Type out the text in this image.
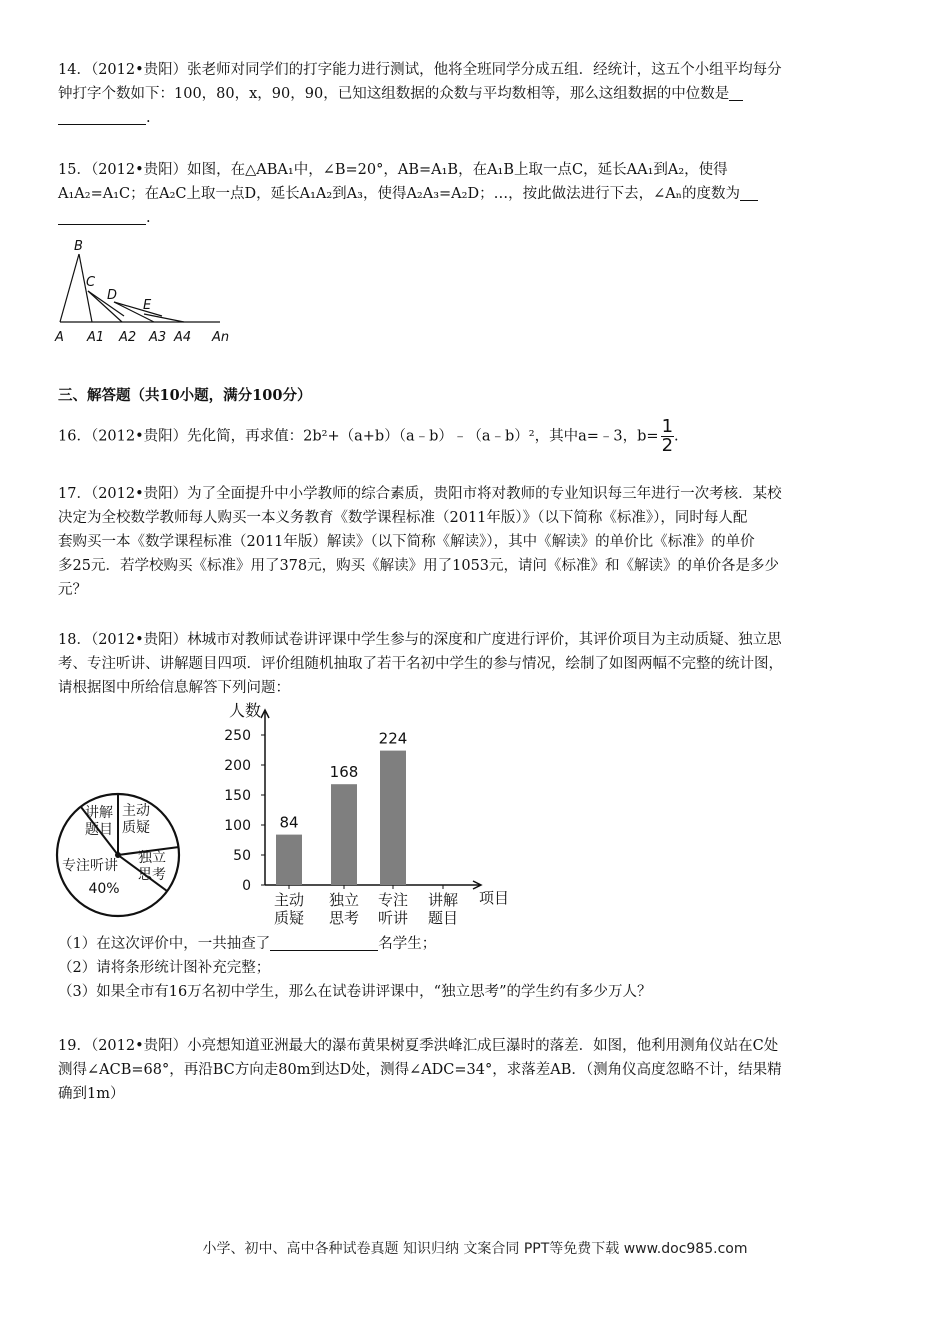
14．（2012•贵阳）张老师对同学们的打字能力进行测试，他将全班同学分成五组．经统计，这五个小组平均每分
钟打字个数如下：100，80，x，90，90，已知这组数据的众数与平均数相等，那么这组数据的中位数是
.
15．（2012•贵阳）如图，在△ABA₁中，∠B=20°，AB=A₁B，在A₁B上取一点C，延长AA₁到A₂，使得
A₁A₂=A₁C；在A₂C上取一点D，延长A₁A₂到A₃，使得A₂A₃=A₂D；…，按此做法进行下去，∠Aₙ的度数为
.
B
C
D
E
A A1 A2 A3 A4 An
三、解答题（共10小题，满分100分）
16．（2012•贵阳）先化简，再求值：2b²+（a+b）（a﹣b）﹣（a﹣b）²，其中a=﹣3，$b= \frac{1}{2}$ .
17．（2012•贵阳）为了全面提升中小学教师的综合素质，贵阳市将对教师的专业知识每三年进行一次考核．某校
决定为全校数学教师每人购买一本义务教育《数学课程标准（2011年版）》（以下简称《标准》），同时每人配
套购买一本《数学课程标准（2011年版）解读》（以下简称《解读》），其中《解读》的单价比《标准》的单价
多25元．若学校购买《标准》用了378元，购买《解读》用了1053元，请问《标准》和《解读》的单价各是多少
元？
18．（2012•贵阳）林城市对教师试卷讲评课中学生参与的深度和广度进行评价，其评价项目为主动质疑、独立思
考、专注听讲、讲解题目四项．评价组随机抽取了若干名初中学生的参与情况，绘制了如图两幅不完整的统计图，
请根据图中所给信息解答下列问题：
讲解
题目
主动
质疑
独立
思考
专注听讲
40%
人数
项目
0
50
100
150
200
250
84
主动
质疑
168
独立
思考
224
专注
听讲
讲解
题目
（1）在这次评价中，一共抽查了	名学生；
（2）请将条形统计图补充完整；
（3）如果全市有16万名初中学生，那么在试卷讲评课中，“独立思考”的学生约有多少万人？
19．（2012•贵阳）小亮想知道亚洲最大的瀑布黄果树夏季洪峰汇成巨瀑时的落差．如图，他利用测角仪站在C处
测得∠ACB=68°，再沿BC方向走80m到达D处，测得∠ADC=34°，求落差AB．（测角仪高度忽略不计，结果精
确到1m）
小学、初中、高中各种试卷真题 知识归纳 文案合同 PPT等免费下载 www.doc985.com
